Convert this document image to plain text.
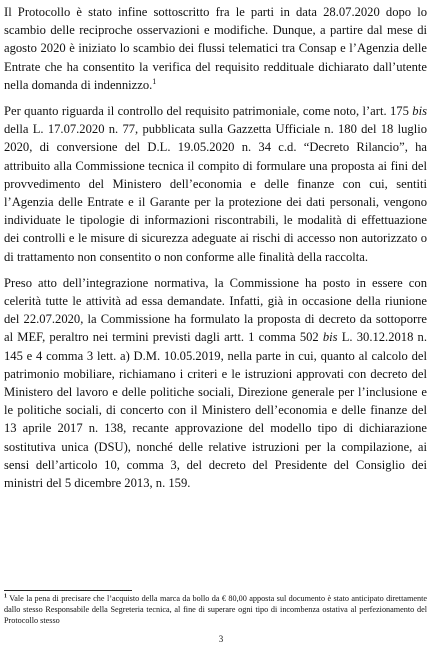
Il Protocollo è stato infine sottoscritto fra le parti in data 28.07.2020 dopo lo scambio delle reciproche osservazioni e modifiche. Dunque, a partire dal mese di agosto 2020 è iniziato lo scambio dei flussi telematici tra Consap e l’Agenzia delle Entrate che ha consentito la verifica del requisito reddituale dichiarato dall’utente nella domanda di indennizzo.$^1$

Per quanto riguarda il controllo del requisito patrimoniale, come noto, l’art. 175 bis della L. 17.07.2020 n. 77, pubblicata sulla Gazzetta Ufficiale n. 180 del 18 luglio 2020, di conversione del D.L. 19.05.2020 n. 34 c.d. “Decreto Rilancio”, ha attribuito alla Commissione tecnica il compito di formulare una proposta ai fini del provvedimento del Ministero dell’economia e delle finanze con cui, sentiti l’Agenzia delle Entrate e il Garante per la protezione dei dati personali, vengono individuate le tipologie di informazioni riscontrabili, le modalità di effettuazione dei controlli e le misure di sicurezza adeguate ai rischi di accesso non autorizzato o di trattamento non consentito o non conforme alle finalità della raccolta.

Preso atto dell’integrazione normativa, la Commissione ha posto in essere con celerità tutte le attività ad essa demandate. Infatti, già in occasione della riunione del 22.07.2020, la Commissione ha formulato la proposta di decreto da sottoporre al MEF, peraltro nei termini previsti dagli artt. 1 comma 502 bis L. 30.12.2018 n. 145 e 4 comma 3 lett. a) D.M. 10.05.2019, nella parte in cui, quanto al calcolo del patrimonio mobiliare, richiamano i criteri e le istruzioni approvati con decreto del Ministero del lavoro e delle politiche sociali, Direzione generale per l’inclusione e le politiche sociali, di concerto con il Ministero dell’economia e delle finanze del 13 aprile 2017 n. 138, recante approvazione del modello tipo di dichiarazione sostitutiva unica (DSU), nonché delle relative istruzioni per la compilazione, ai sensi dell’articolo 10, comma 3, del decreto del Presidente del Consiglio dei ministri del 5 dicembre 2013, n. 159.

$^1$ Vale la pena di precisare che l’acquisto della marca da bollo da € 80,00 apposta sul documento è stato anticipato direttamente dallo stesso Responsabile della Segreteria tecnica, al fine di superare ogni tipo di incombenza ostativa al perfezionamento del Protocollo stesso

3
